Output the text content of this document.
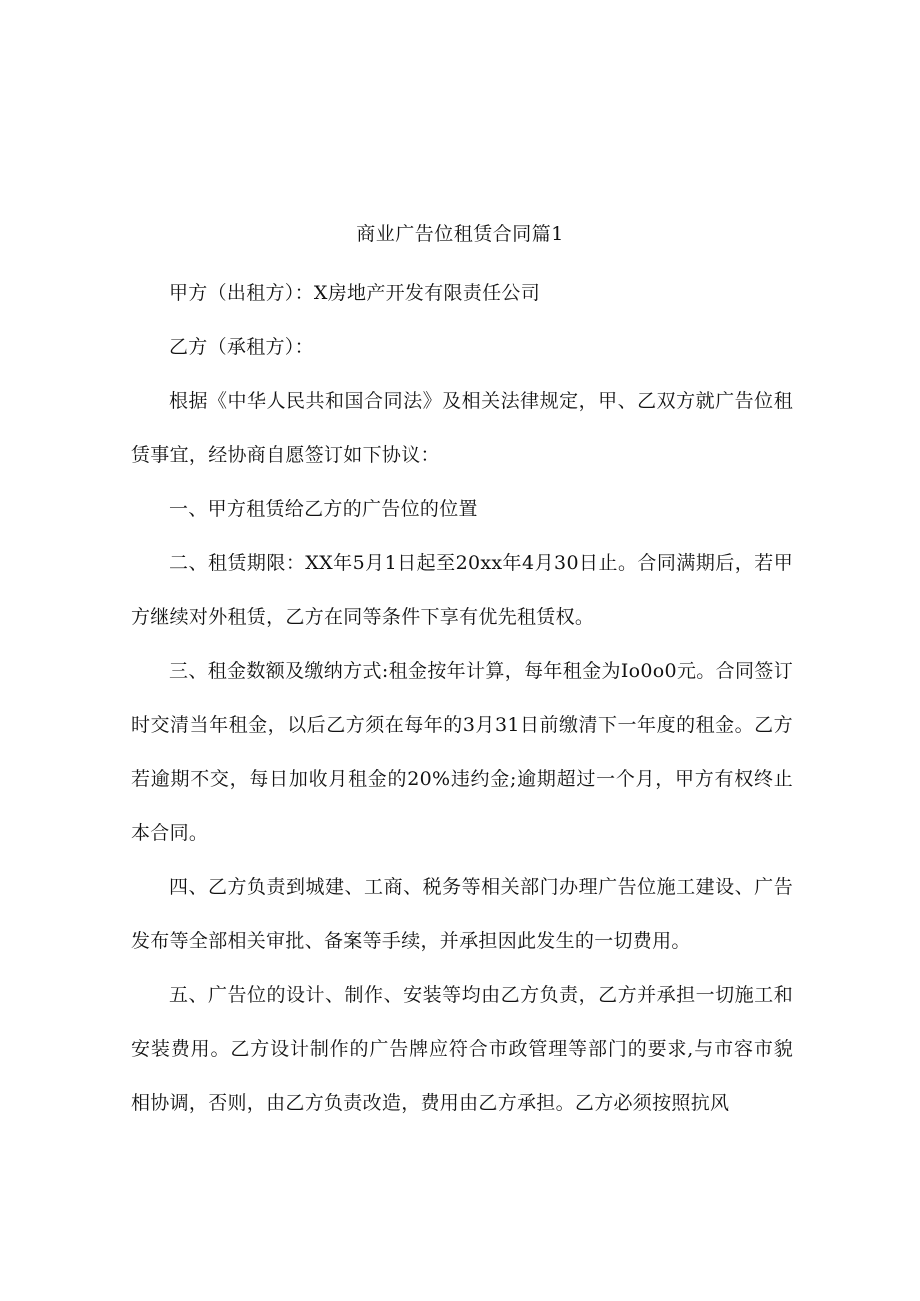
商业广告位租赁合同篇1

甲方（出租方）：X房地产开发有限责任公司

乙方（承租方）：

根据《中华人民共和国合同法》及相关法律规定，甲、乙双方就广告位租赁事宜，经协商自愿签订如下协议：

一、甲方租赁给乙方的广告位的位置

二、租赁期限：XX年5月1日起至20xx年4月30日止。合同满期后，若甲方继续对外租赁，乙方在同等条件下享有优先租赁权。

三、租金数额及缴纳方式:租金按年计算，每年租金为Io0o0元。合同签订时交清当年租金，以后乙方须在每年的3月31日前缴清下一年度的租金。乙方若逾期不交，每日加收月租金的20%违约金;逾期超过一个月，甲方有权终止本合同。

四、乙方负责到城建、工商、税务等相关部门办理广告位施工建设、广告发布等全部相关审批、备案等手续，并承担因此发生的一切费用。

五、广告位的设计、制作、安装等均由乙方负责，乙方并承担一切施工和安装费用。乙方设计制作的广告牌应符合市政管理等部门的要求,与市容市貌相协调，否则，由乙方负责改造，费用由乙方承担。乙方必须按照抗风
